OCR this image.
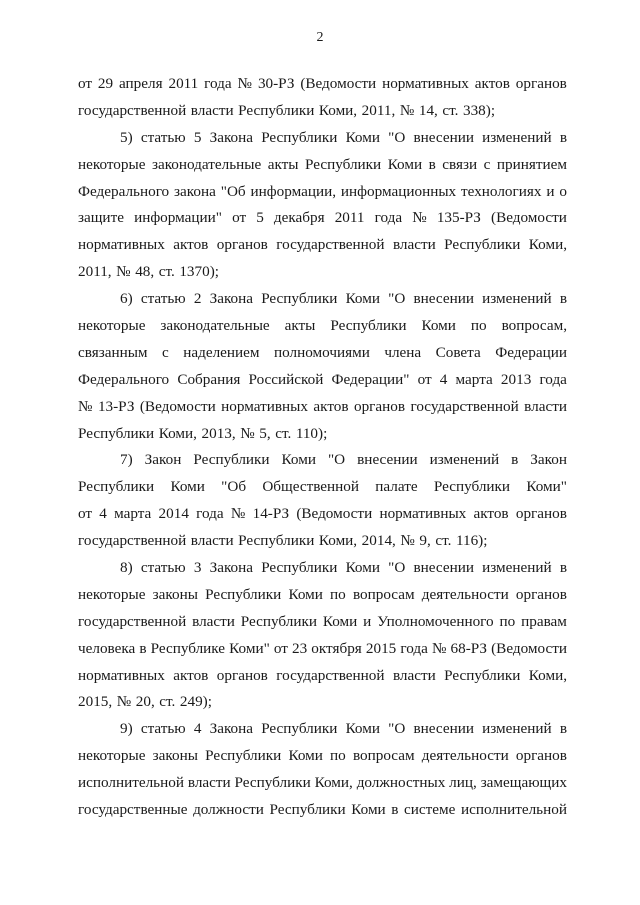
2
от 29 апреля 2011 года № 30-РЗ (Ведомости нормативных актов органов
государственной власти Республики Коми, 2011, № 14, ст. 338);
5) статью 5 Закона Республики Коми "О внесении изменений в
некоторые законодательные акты Республики Коми в связи с принятием
Федерального закона "Об информации, информационных технологиях и о
защите информации" от 5 декабря 2011 года № 135-РЗ (Ведомости
нормативных актов органов государственной власти Республики Коми,
2011, № 48, ст. 1370);
6) статью 2 Закона Республики Коми "О внесении изменений в
некоторые законодательные акты Республики Коми по вопросам,
связанным с наделением полномочиями члена Совета Федерации
Федерального Собрания Российской Федерации" от 4 марта 2013 года
№ 13-РЗ (Ведомости нормативных актов органов государственной власти
Республики Коми, 2013, № 5, ст. 110);
7) Закон Республики Коми "О внесении изменений в Закон
Республики Коми "Об Общественной палате Республики Коми"
от 4 марта 2014 года № 14-РЗ (Ведомости нормативных актов органов
государственной власти Республики Коми, 2014, № 9, ст. 116);
8) статью 3 Закона Республики Коми "О внесении изменений в
некоторые законы Республики Коми по вопросам деятельности органов
государственной власти Республики Коми и Уполномоченного по правам
человека в Республике Коми" от 23 октября 2015 года № 68-РЗ (Ведомости
нормативных актов органов государственной власти Республики Коми,
2015, № 20, ст. 249);
9) статью 4 Закона Республики Коми "О внесении изменений в
некоторые законы Республики Коми по вопросам деятельности органов
исполнительной власти Республики Коми, должностных лиц, замещающих
государственные должности Республики Коми в системе исполнительной
